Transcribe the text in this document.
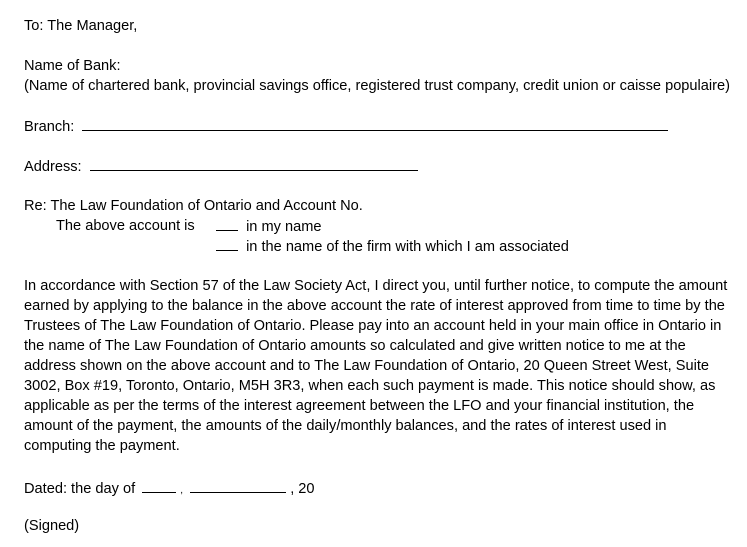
To: The Manager,
Name of Bank:
(Name of chartered bank, provincial savings office, registered trust company, credit union or caisse populaire)
Branch:
Address:
Re: The Law Foundation of Ontario and Account No.
The above account is	in my name
in the name of the firm with which I am associated
In accordance with Section 57 of the Law Society Act, I direct you, until further notice, to compute the amount
earned by applying to the balance in the above account the rate of interest approved from time to time by the
Trustees of The Law Foundation of Ontario. Please pay into an account held in your main office in Ontario in
the name of The Law Foundation of Ontario amounts so calculated and give written notice to me at the
address shown on the above account and to The Law Foundation of Ontario, 20 Queen Street West, Suite
3002, Box #19, Toronto, Ontario, M5H 3R3, when each such payment is made. This notice should show, as
applicable as per the terms of the interest agreement between the LFO and your financial institution, the
amount of the payment, the amounts of the daily/monthly balances, and the rates of interest used in
computing the payment.
Dated: the day of	,	, 20
(Signed)
